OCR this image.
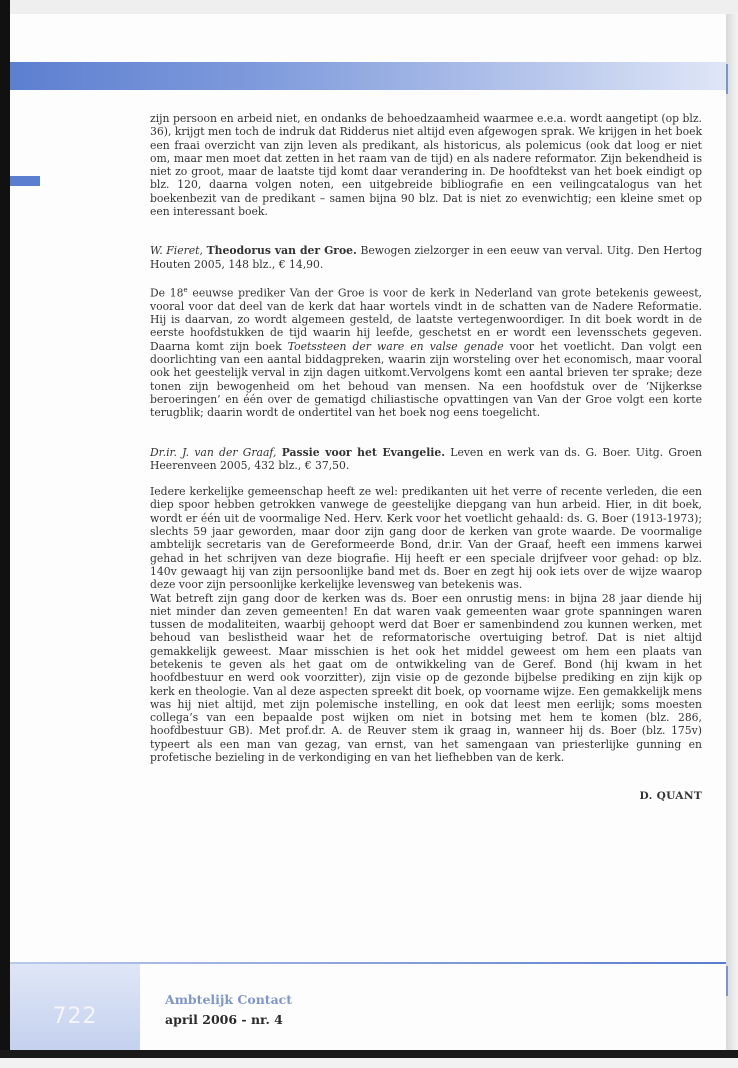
zijn persoon en arbeid niet, en ondanks de behoedzaamheid waarmee e.e.a. wordt aangetipt (op blz. 36), krijgt men toch de indruk dat Ridderus niet altijd even afgewogen sprak. We krijgen in het boek een fraai overzicht van zijn leven als predikant, als historicus, als polemicus (ook dat loog er niet om, maar men moet dat zetten in het raam van de tijd) en als nadere reformator. Zijn bekendheid is niet zo groot, maar de laatste tijd komt daar verandering in. De hoofdtekst van het boek eindigt op blz. 120, daarna volgen noten, een uitgebreide bibliografie en een veilingcatalogus van het boekenbezit van de predikant – samen bijna 90 blz. Dat is niet zo evenwichtig; een kleine smet op een interessant boek.

W. Fieret, Theodorus van der Groe. Bewogen zielzorger in een eeuw van verval. Uitg. Den Hertog Houten 2005, 148 blz., € 14,90.

De 18e eeuwse prediker Van der Groe is voor de kerk in Nederland van grote betekenis geweest, vooral voor dat deel van de kerk dat haar wortels vindt in de schatten van de Nadere Reformatie. Hij is daarvan, zo wordt algemeen gesteld, de laatste vertegenwoordiger. In dit boek wordt in de eerste hoofdstukken de tijd waarin hij leefde, geschetst en er wordt een levensschets gegeven. Daarna komt zijn boek Toetssteen der ware en valse genade voor het voetlicht. Dan volgt een doorlichting van een aantal biddagpreken, waarin zijn worsteling over het economisch, maar vooral ook het geestelijk verval in zijn dagen uitkomt.Vervolgens komt een aantal brieven ter sprake; deze tonen zijn bewogenheid om het behoud van mensen. Na een hoofdstuk over de ‘Nijkerkse beroeringen’ en één over de gematigd chiliastische opvattingen van Van der Groe volgt een korte terugblik; daarin wordt de ondertitel van het boek nog eens toegelicht.

Dr.ir. J. van der Graaf, Passie voor het Evangelie. Leven en werk van ds. G. Boer. Uitg. Groen Heerenveen 2005, 432 blz., € 37,50.

Iedere kerkelijke gemeenschap heeft ze wel: predikanten uit het verre of recente verleden, die een diep spoor hebben getrokken vanwege de geestelijke diepgang van hun arbeid. Hier, in dit boek, wordt er één uit de voormalige Ned. Herv. Kerk voor het voetlicht gehaald: ds. G. Boer (1913-1973); slechts 59 jaar geworden, maar door zijn gang door de kerken van grote waarde. De voormalige ambtelijk secretaris van de Gereformeerde Bond, dr.ir. Van der Graaf, heeft een immens karwei gehad in het schrijven van deze biografie. Hij heeft er een speciale drijfveer voor gehad: op blz. 140v gewaagt hij van zijn persoonlijke band met ds. Boer en zegt hij ook iets over de wijze waarop deze voor zijn persoonlijke kerkelijke levensweg van betekenis was.

Wat betreft zijn gang door de kerken was ds. Boer een onrustig mens: in bijna 28 jaar diende hij niet minder dan zeven gemeenten! En dat waren vaak gemeenten waar grote spanningen waren tussen de modaliteiten, waarbij gehoopt werd dat Boer er samenbindend zou kunnen werken, met behoud van beslistheid waar het de reformatorische overtuiging betrof. Dat is niet altijd gemakkelijk geweest. Maar misschien is het ook het middel geweest om hem een plaats van betekenis te geven als het gaat om de ontwikkeling van de Geref. Bond (hij kwam in het hoofdbestuur en werd ook voorzitter), zijn visie op de gezonde bijbelse prediking en zijn kijk op kerk en theologie. Van al deze aspecten spreekt dit boek, op voorname wijze. Een gemakkelijk mens was hij niet altijd, met zijn polemische instelling, en ook dat leest men eerlijk; soms moesten collega’s van een bepaalde post wijken om niet in botsing met hem te komen (blz. 286, hoofdbestuur GB). Met prof.dr. A. de Reuver stem ik graag in, wanneer hij ds. Boer (blz. 175v) typeert als een man van gezag, van ernst, van het samengaan van priesterlijke gunning en profetische bezieling in de verkondiging en van het liefhebben van de kerk.

D. QUANT
722
Ambtelijk Contact
april 2006 - nr. 4
